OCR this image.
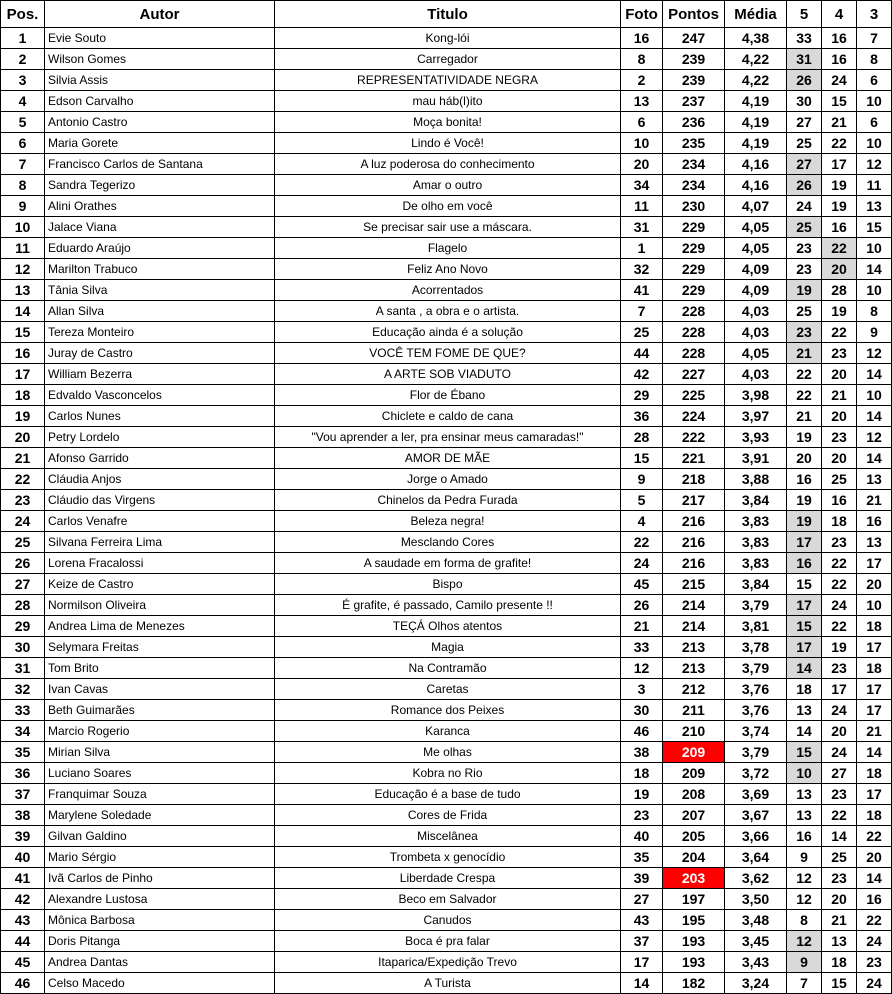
Pos.	Autor	Titulo	Foto	Pontos	Média	5	4	3
1	Evie Souto	Kong-lói	16	247	4,38	33	16	7
2	Wilson Gomes	Carregador	8	239	4,22	31	16	8
3	Silvia Assis	REPRESENTATIVIDADE NEGRA	2	239	4,22	26	24	6
4	Edson Carvalho	mau háb(l)ito	13	237	4,19	30	15	10
5	Antonio Castro	Moça bonita!	6	236	4,19	27	21	6
6	Maria Gorete	Lindo é Você!	10	235	4,19	25	22	10
7	Francisco Carlos de Santana	A luz poderosa do conhecimento	20	234	4,16	27	17	12
8	Sandra Tegerizo	Amar o outro	34	234	4,16	26	19	11
9	Alini Orathes	De olho em você	11	230	4,07	24	19	13
10	Jalace Viana	Se precisar sair use a máscara.	31	229	4,05	25	16	15
11	Eduardo Araújo	Flagelo	1	229	4,05	23	22	10
12	Marilton Trabuco	Feliz Ano Novo	32	229	4,09	23	20	14
13	Tânia Silva	Acorrentados	41	229	4,09	19	28	10
14	Allan Silva	A santa , a obra e o artista.	7	228	4,03	25	19	8
15	Tereza Monteiro	Educação ainda é a solução	25	228	4,03	23	22	9
16	Juray de Castro	VOCÊ TEM FOME DE QUE?	44	228	4,05	21	23	12
17	William Bezerra	A ARTE SOB VIADUTO	42	227	4,03	22	20	14
18	Edvaldo Vasconcelos	Flor de Ébano	29	225	3,98	22	21	10
19	Carlos Nunes	Chiclete e caldo de cana	36	224	3,97	21	20	14
20	Petry Lordelo	"Vou aprender a ler, pra ensinar meus camaradas!"	28	222	3,93	19	23	12
21	Afonso Garrido	AMOR DE MÃE	15	221	3,91	20	20	14
22	Cláudia Anjos	Jorge o Amado	9	218	3,88	16	25	13
23	Cláudio das Virgens	Chinelos da Pedra Furada	5	217	3,84	19	16	21
24	Carlos Venafre	Beleza negra!	4	216	3,83	19	18	16
25	Silvana Ferreira Lima	Mesclando Cores	22	216	3,83	17	23	13
26	Lorena Fracalossi	A saudade em forma de grafite!	24	216	3,83	16	22	17
27	Keize de Castro	Bispo	45	215	3,84	15	22	20
28	Normilson Oliveira	É grafite, é passado, Camilo presente !!	26	214	3,79	17	24	10
29	Andrea Lima de Menezes	TEÇÁ Olhos atentos	21	214	3,81	15	22	18
30	Selymara Freitas	Magia	33	213	3,78	17	19	17
31	Tom Brito	Na Contramão	12	213	3,79	14	23	18
32	Ivan Cavas	Caretas	3	212	3,76	18	17	17
33	Beth Guimarães	Romance dos Peixes	30	211	3,76	13	24	17
34	Marcio Rogerio	Karanca	46	210	3,74	14	20	21
35	Mirian Silva	Me olhas	38	209	3,79	15	24	14
36	Luciano Soares	Kobra no Rio	18	209	3,72	10	27	18
37	Franquimar Souza	Educação é a base de tudo	19	208	3,69	13	23	17
38	Marylene Soledade	Cores de Frida	23	207	3,67	13	22	18
39	Gilvan Galdino	Miscelânea	40	205	3,66	16	14	22
40	Mario Sérgio	Trombeta x genocídio	35	204	3,64	9	25	20
41	Ivã Carlos de Pinho	Liberdade Crespa	39	203	3,62	12	23	14
42	Alexandre Lustosa	Beco em Salvador	27	197	3,50	12	20	16
43	Mônica Barbosa	Canudos	43	195	3,48	8	21	22
44	Doris Pitanga	Boca é pra falar	37	193	3,45	12	13	24
45	Andrea Dantas	Itaparica/Expedição Trevo	17	193	3,43	9	18	23
46	Celso Macedo	A Turista	14	182	3,24	7	15	24
